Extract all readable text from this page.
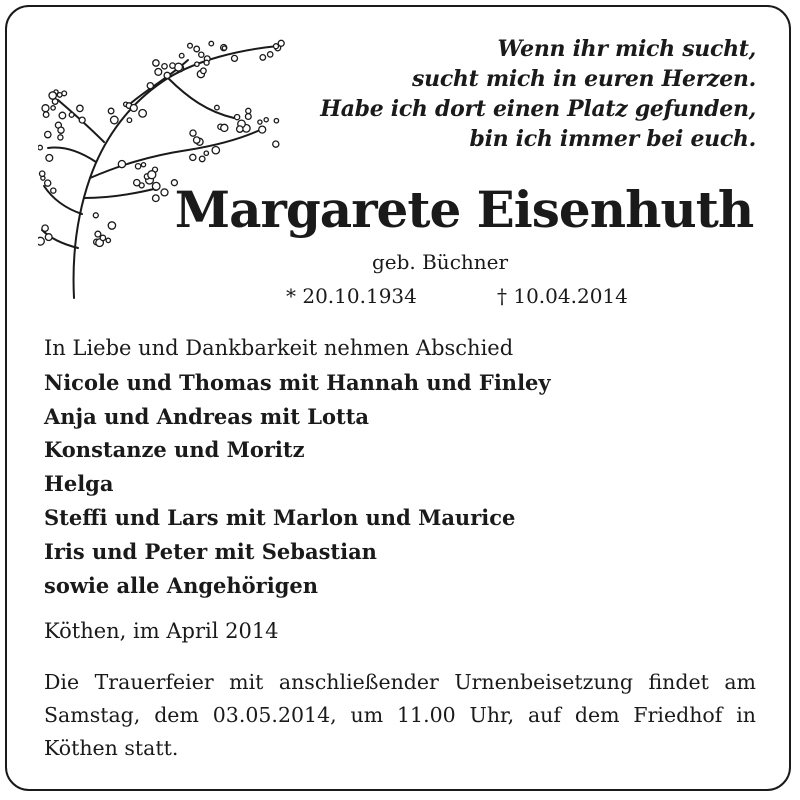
Wenn ihr mich sucht,
sucht mich in euren Herzen.
Habe ich dort einen Platz gefunden,
bin ich immer bei euch.
Margarete Eisenhuth
geb. Büchner
* 20.10.1934	† 10.04.2014
In Liebe und Dankbarkeit nehmen Abschied
Nicole und Thomas mit Hannah und Finley
Anja und Andreas mit Lotta
Konstanze und Moritz
Helga
Steffi und Lars mit Marlon und Maurice
Iris und Peter mit Sebastian
sowie alle Angehörigen
Köthen, im April 2014
Die Trauerfeier mit anschließender Urnenbeisetzung findet am Samstag, dem 03.05.2014, um 11.00 Uhr, auf dem Friedhof in Köthen statt.
